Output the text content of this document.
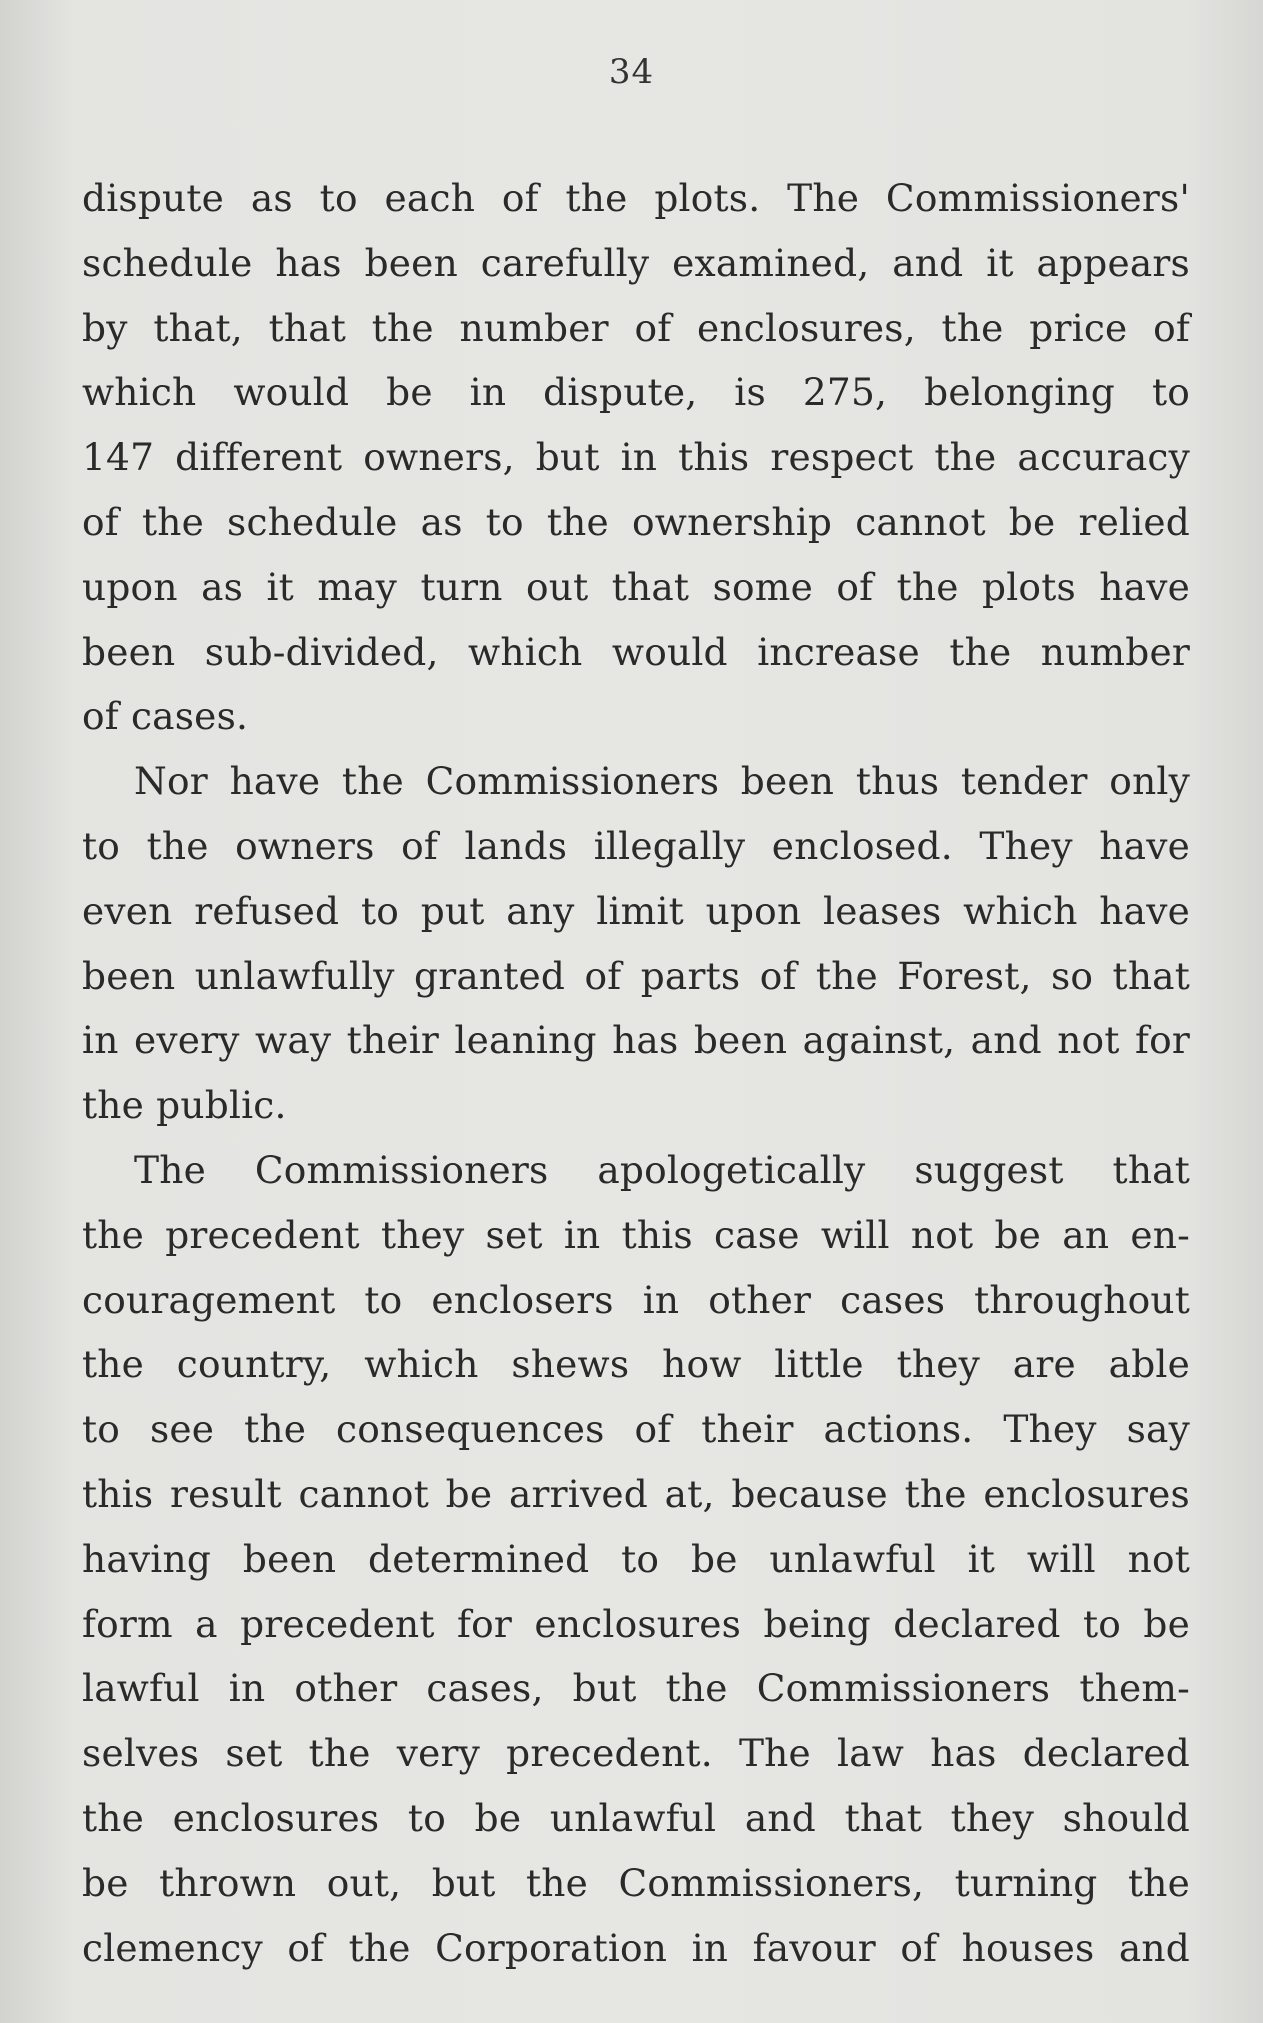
34
dispute as to each of the plots. The Commissioners'
schedule has been carefully examined, and it appears
by that, that the number of enclosures, the price of
which would be in dispute, is 275, belonging to
147 different owners, but in this respect the accuracy
of the schedule as to the ownership cannot be relied
upon as it may turn out that some of the plots have
been sub-divided, which would increase the number
of cases.
Nor have the Commissioners been thus tender only
to the owners of lands illegally enclosed. They have
even refused to put any limit upon leases which have
been unlawfully granted of parts of the Forest, so that
in every way their leaning has been against, and not for
the public.
The Commissioners apologetically suggest that
the precedent they set in this case will not be an en-
couragement to enclosers in other cases throughout
the country, which shews how little they are able
to see the consequences of their actions. They say
this result cannot be arrived at, because the enclosures
having been determined to be unlawful it will not
form a precedent for enclosures being declared to be
lawful in other cases, but the Commissioners them-
selves set the very precedent. The law has declared
the enclosures to be unlawful and that they should
be thrown out, but the Commissioners, turning the
clemency of the Corporation in favour of houses and
